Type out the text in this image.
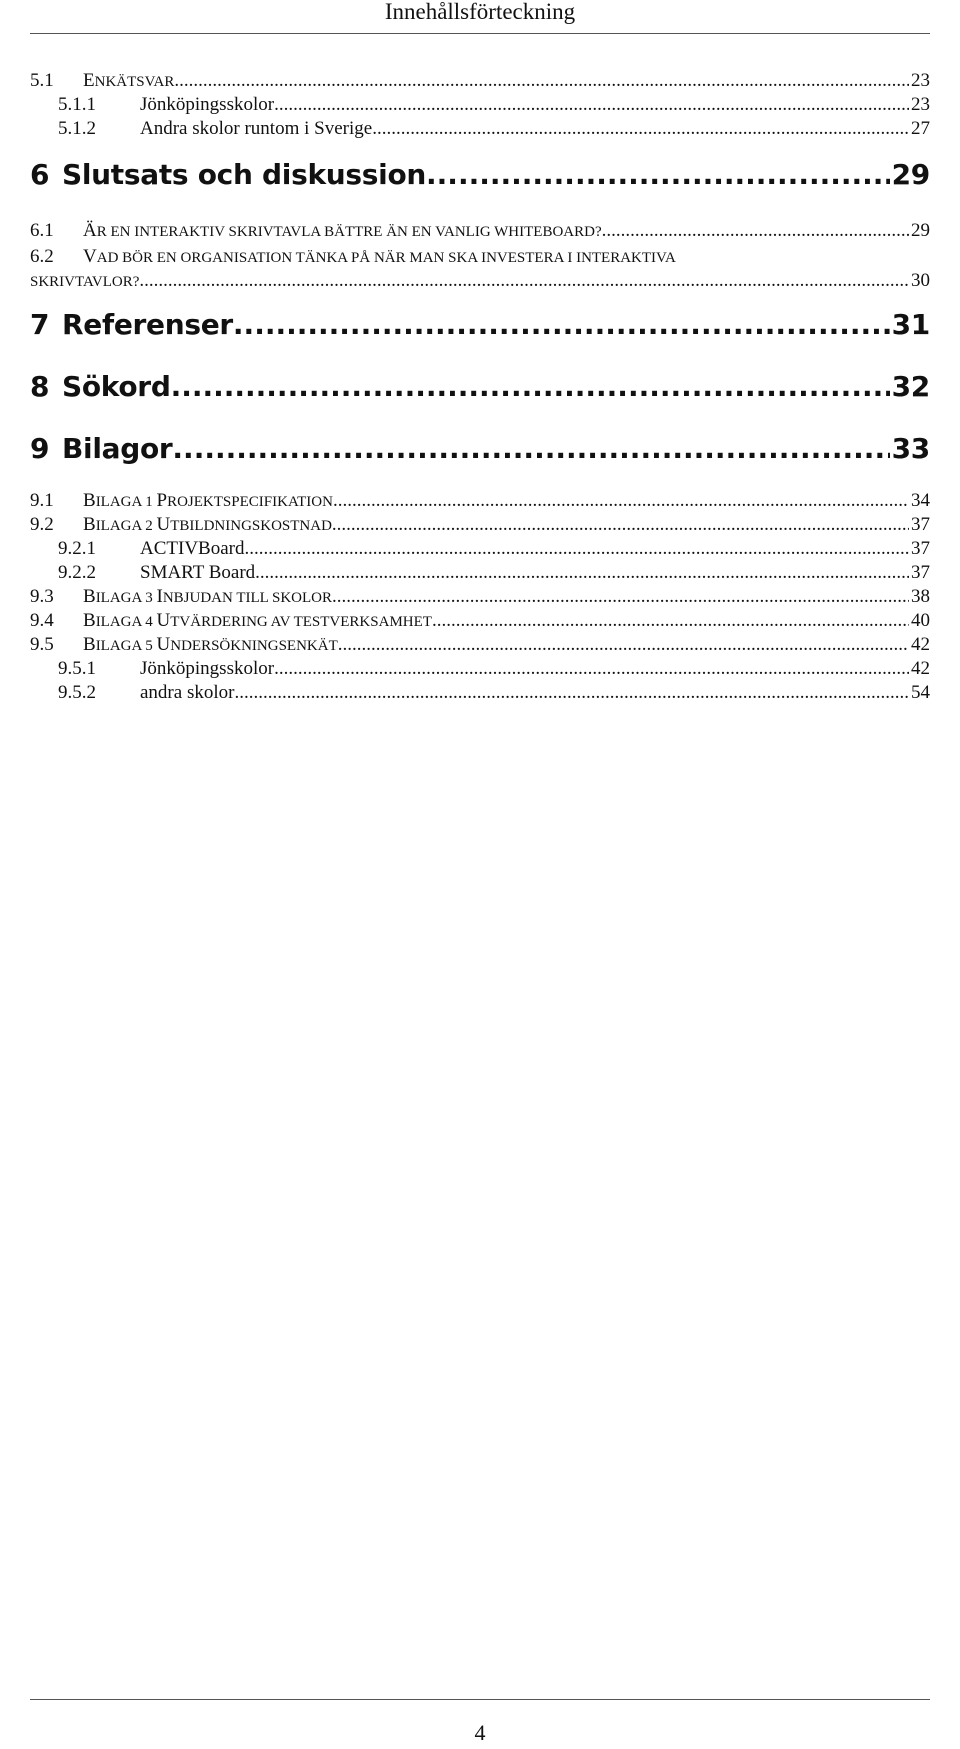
Innehållsförteckning
5.1	ENKÄTSVAR .....	23
5.1.1	Jönköpingsskolor .....	23
5.1.2	Andra skolor runtom i Sverige .....	27
6 Slutsats och diskussion .....	29
6.1	ÄR EN INTERAKTIV SKRIVTAVLA BÄTTRE ÄN EN VANLIG WHITEBOARD? .....	29
6.2 VAD BÖR EN ORGANISATION TÄNKA PÅ NÄR MAN SKA INVESTERA I INTERAKTIVA
SKRIVTAVLOR? .....	30
7 Referenser .....	31
8 Sökord .....	32
9 Bilagor .....	33
9.1	BILAGA 1 PROJEKTSPECIFIKATION .....	34
9.2	BILAGA 2 UTBILDNINGSKOSTNAD .....	37
9.2.1	ACTIVBoard .....	37
9.2.2	SMART Board .....	37
9.3	BILAGA 3 INBJUDAN TILL SKOLOR .....	38
9.4	BILAGA 4 UTVÄRDERING AV TESTVERKSAMHET .....	40
9.5	BILAGA 5 UNDERSÖKNINGSENKÄT .....	42
9.5.1	Jönköpingsskolor .....	42
9.5.2	andra skolor .....	54
4
